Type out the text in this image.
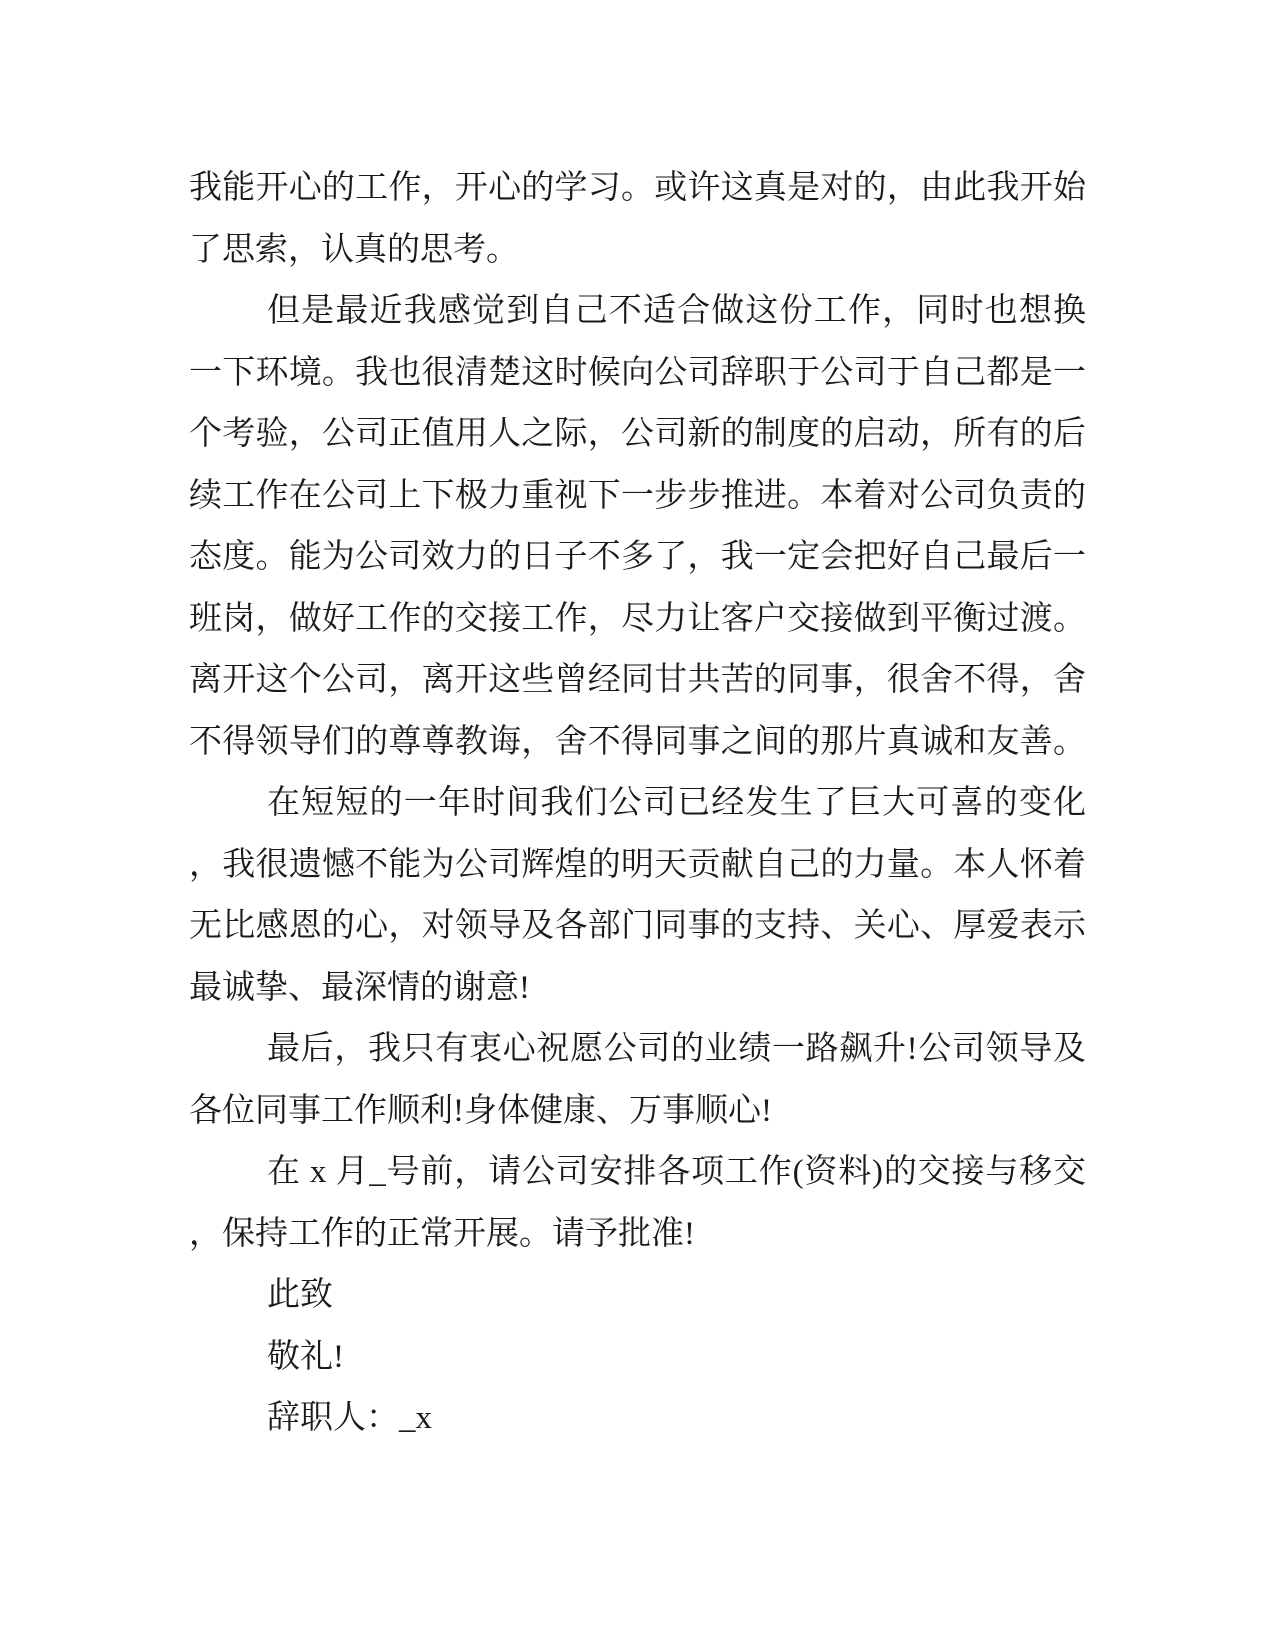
我能开心的工作，开心的学习。或许这真是对的，由此我开始
了思索，认真的思考。
但是最近我感觉到自己不适合做这份工作，同时也想换
一下环境。我也很清楚这时候向公司辞职于公司于自己都是一
个考验，公司正值用人之际，公司新的制度的启动，所有的后
续工作在公司上下极力重视下一步步推进。本着对公司负责的
态度。能为公司效力的日子不多了，我一定会把好自己最后一
班岗，做好工作的交接工作，尽力让客户交接做到平衡过渡。
离开这个公司，离开这些曾经同甘共苦的同事，很舍不得，舍
不得领导们的尊尊教诲，舍不得同事之间的那片真诚和友善。
在短短的一年时间我们公司已经发生了巨大可喜的变化
，我很遗憾不能为公司辉煌的明天贡献自己的力量。本人怀着
无比感恩的心，对领导及各部门同事的支持、关心、厚爱表示
最诚挚、最深情的谢意!
最后，我只有衷心祝愿公司的业绩一路飙升!公司领导及
各位同事工作顺利!身体健康、万事顺心!
在 x 月_号前，请公司安排各项工作(资料)的交接与移交
，保持工作的正常开展。请予批准!
此致
敬礼!
辞职人：_x
